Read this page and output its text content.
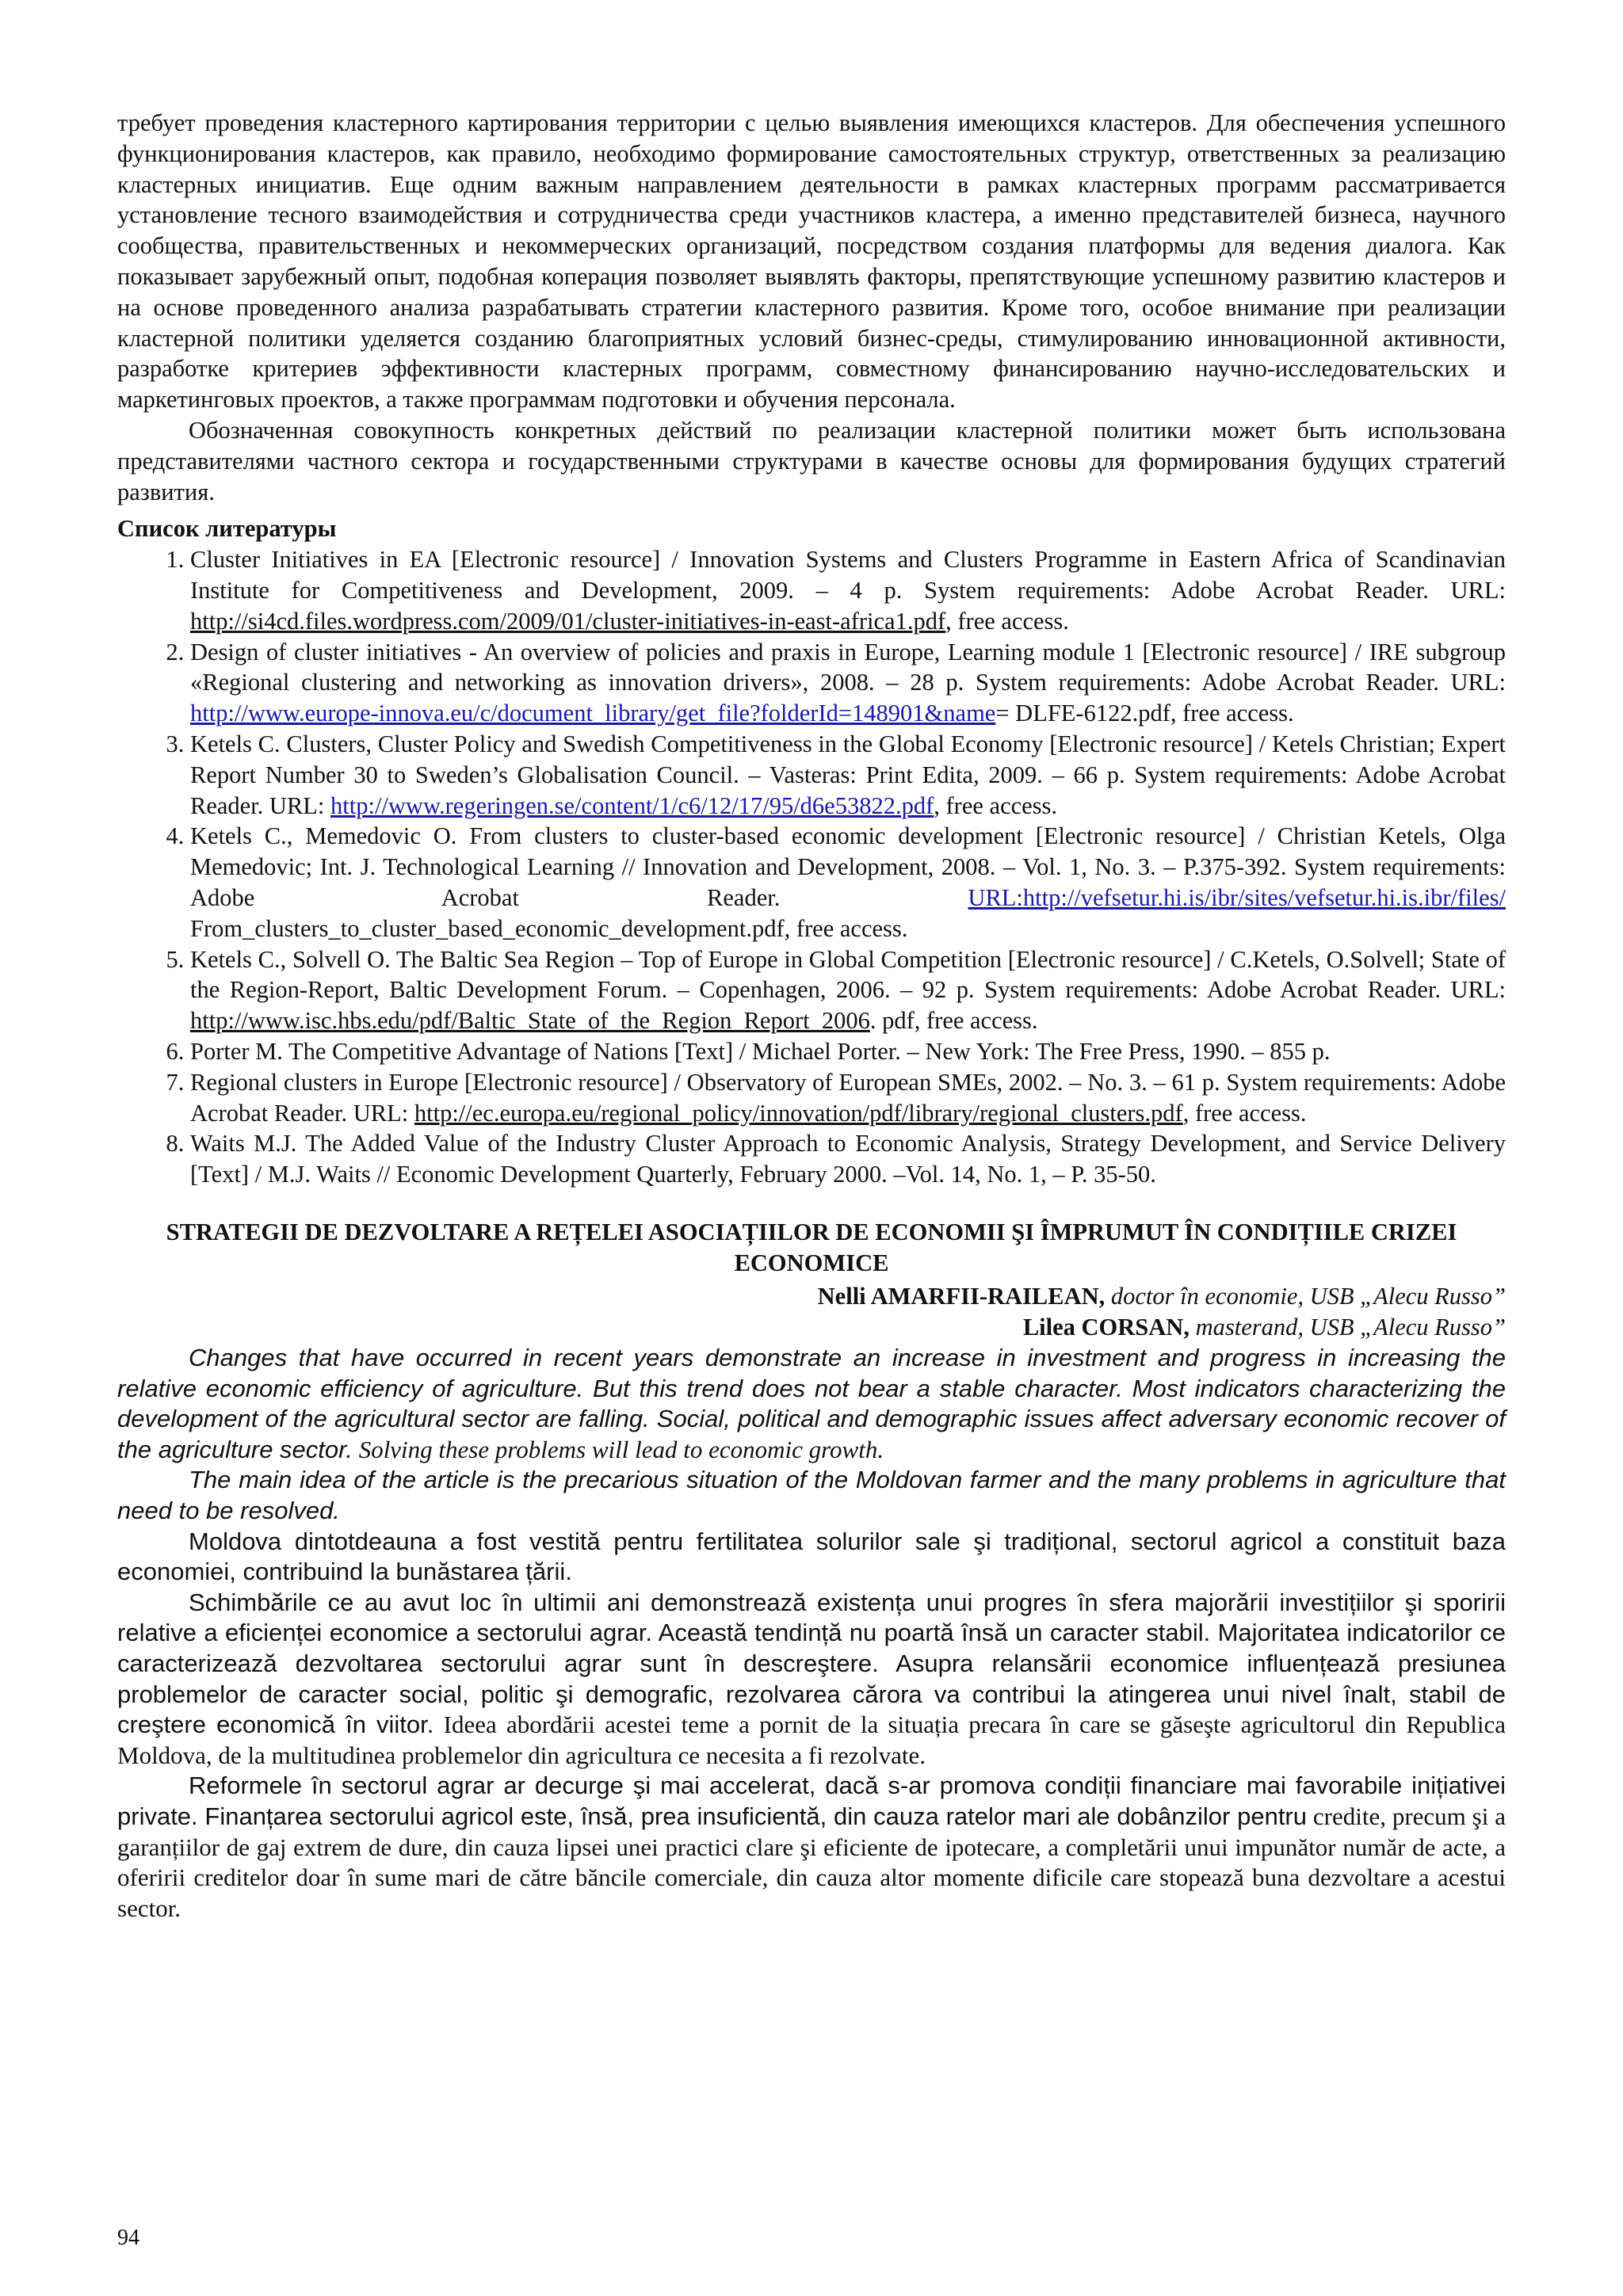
требует проведения кластерного картирования территории с целью выявления имеющихся кластеров. Для обеспечения успешного функционирования кластеров, как правило, необходимо формирование самостоятельных структур, ответственных за реализацию кластерных инициатив. Еще одним важным направлением деятельности в рамках кластерных программ рассматривается установление тесного взаимодействия и сотрудничества среди участников кластера, а именно представителей бизнеса, научного сообщества, правительственных и некоммерческих организаций, посредством создания платформы для ведения диалога. Как показывает зарубежный опыт, подобная коперация позволяет выявлять факторы, препятствующие успешному развитию кластеров и на основе проведенного анализа разрабатывать стратегии кластерного развития. Кроме того, особое внимание при реализации кластерной политики уделяется созданию благоприятных условий бизнес-среды, стимулированию инновационной активности, разработке критериев эффективности кластерных программ, совместному финансированию научно-исследовательских и маркетинговых проектов, а также программам подготовки и обучения персонала.

Обозначенная совокупность конкретных действий по реализации кластерной политики может быть использована представителями частного сектора и государственными структурами в качестве основы для формирования будущих стратегий развития.

Список литературы

1. Cluster Initiatives in EA [Electronic resource] / Innovation Systems and Clusters Programme in Eastern Africa of Scandinavian Institute for Competitiveness and Development, 2009. – 4 p. System requirements: Adobe Acrobat Reader. URL: http://si4cd.files.wordpress.com/2009/01/cluster-initiatives-in-east-africa1.pdf, free access.
2. Design of cluster initiatives - An overview of policies and praxis in Europe, Learning module 1 [Electronic resource] / IRE subgroup «Regional clustering and networking as innovation drivers», 2008. – 28 p. System requirements: Adobe Acrobat Reader. URL: http://www.europe-innova.eu/c/document_library/get_file?folderId=148901&name= DLFE-6122.pdf, free access.
3. Ketels C. Clusters, Cluster Policy and Swedish Competitiveness in the Global Economy [Electronic resource] / Ketels Christian; Expert Report Number 30 to Sweden’s Globalisation Council. – Vasteras: Print Edita, 2009. – 66 p. System requirements: Adobe Acrobat Reader. URL: http://www.regeringen.se/content/1/c6/12/17/95/d6e53822.pdf, free access.
4. Ketels C., Memedovic O. From clusters to cluster-based economic development [Electronic resource] / Christian Ketels, Olga Memedovic; Int. J. Technological Learning // Innovation and Development, 2008. – Vol. 1, No. 3. – P.375-392. System requirements: Adobe Acrobat Reader. URL:http://vefsetur.hi.is/ibr/sites/vefsetur.hi.is.ibr/files/ From_clusters_to_cluster_based_economic_development.pdf, free access.
5. Ketels C., Solvell O. The Baltic Sea Region – Top of Europe in Global Competition [Electronic resource] / C.Ketels, O.Solvell; State of the Region-Report, Baltic Development Forum. – Copenhagen, 2006. – 92 p. System requirements: Adobe Acrobat Reader. URL: http://www.isc.hbs.edu/pdf/Baltic_State_of_the_Region_Report_2006. pdf, free access.
6. Porter M. The Competitive Advantage of Nations [Text] / Michael Porter. – New York: The Free Press, 1990. – 855 p.
7. Regional clusters in Europe [Electronic resource] / Observatory of European SMEs, 2002. – No. 3. – 61 p. System requirements: Adobe Acrobat Reader. URL: http://ec.europa.eu/regional_policy/innovation/pdf/library/regional_clusters.pdf, free access.
8. Waits M.J. The Added Value of the Industry Cluster Approach to Economic Analysis, Strategy Development, and Service Delivery [Text] / M.J. Waits // Economic Development Quarterly, February 2000. –Vol. 14, No. 1, – P. 35-50.

STRATEGII DE DEZVOLTARE A REȚELEI ASOCIAȚIILOR DE ECONOMII ŞI ÎMPRUMUT ÎN CONDIȚIILE CRIZEI ECONOMICE

Nelli AMARFII-RAILEAN, doctor în economie, USB „Alecu Russo”

Lilea CORSAN, masterand, USB „Alecu Russo”

Changes that have occurred in recent years demonstrate an increase in investment and progress in increasing the relative economic efficiency of agriculture. But this trend does not bear a stable character. Most indicators characterizing the development of the agricultural sector are falling. Social, political and demographic issues affect adversary economic recover of the agriculture sector. Solving these problems will lead to economic growth.

The main idea of the article is the precarious situation of the Moldovan farmer and the many problems in agriculture that need to be resolved.

Moldova dintotdeauna a fost vestită pentru fertilitatea solurilor sale şi tradițional, sectorul agricol a constituit baza economiei, contribuind la bunăstarea țării.

Schimbările ce au avut loc în ultimii ani demonstrează existența unui progres în sfera majorării investițiilor şi sporirii relative a eficienței economice a sectorului agrar. Această tendință nu poartă însă un caracter stabil. Majoritatea indicatorilor ce caracterizează dezvoltarea sectorului agrar sunt în descreştere. Asupra relansării economice influențează presiunea problemelor de caracter social, politic şi demografic, rezolvarea cărora va contribui la atingerea unui nivel înalt, stabil de creştere economică în viitor. Ideea abordării acestei teme a pornit de la situația precara în care se găseşte agricultorul din Republica Moldova, de la multitudinea problemelor din agricultura ce necesita a fi rezolvate.

Reformele în sectorul agrar ar decurge şi mai accelerat, dacă s-ar promova condiții financiare mai favorabile inițiativei private. Finanțarea sectorului agricol este, însă, prea insuficientă, din cauza ratelor mari ale dobânzilor pentru credite, precum şi a garanțiilor de gaj extrem de dure, din cauza lipsei unei practici clare şi eficiente de ipotecare, a completării unui impunător număr de acte, a oferirii creditelor doar în sume mari de către băncile comerciale, din cauza altor momente dificile care stopează buna dezvoltare a acestui sector.

94
